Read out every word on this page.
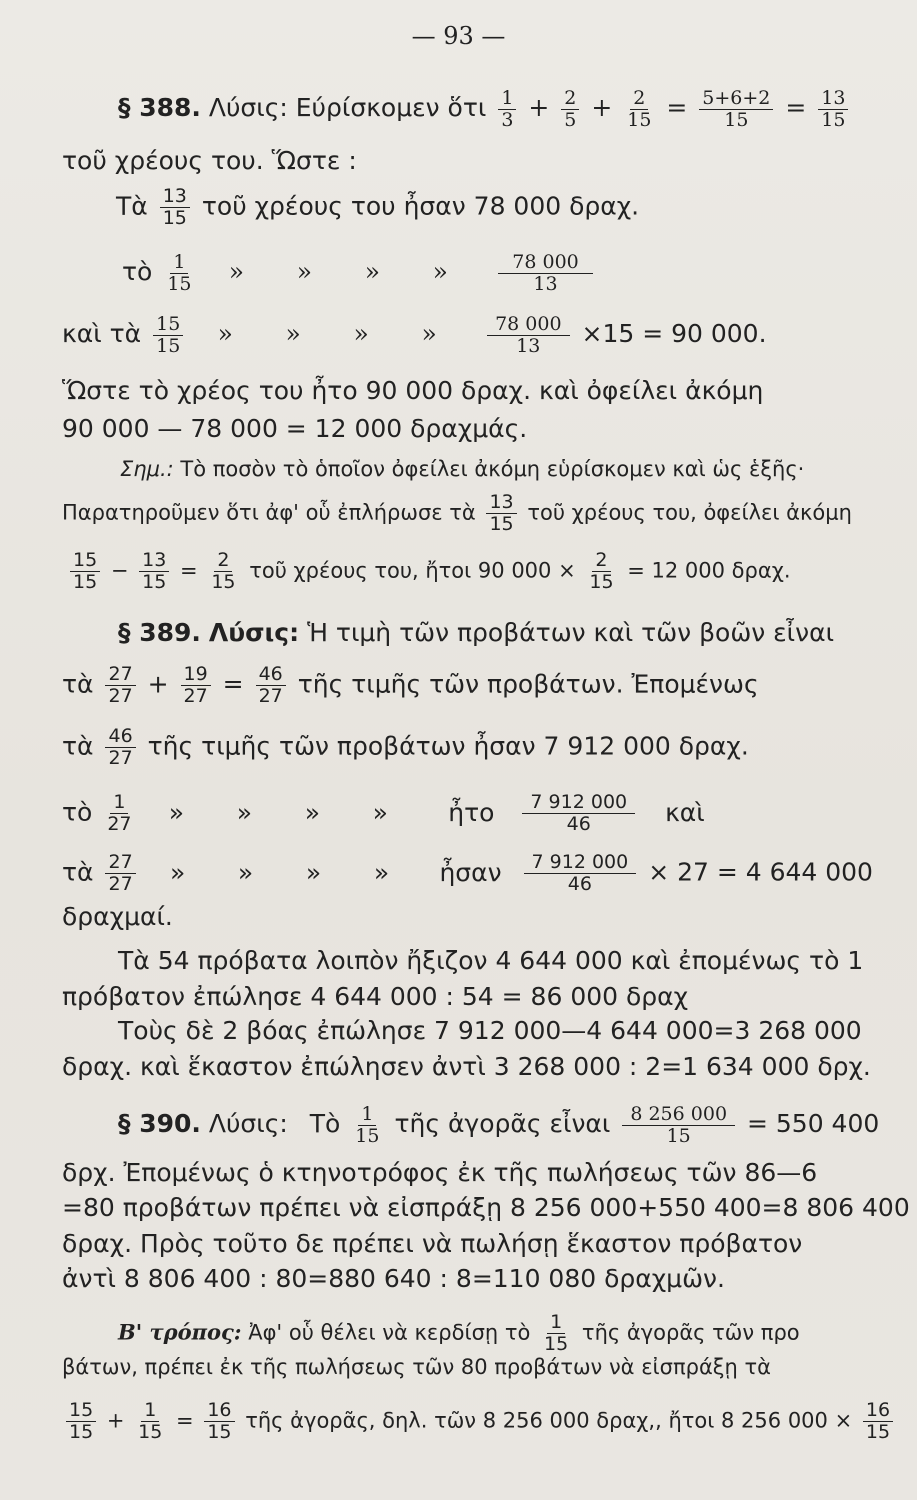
— 93 —
§ 388. Λύσις: Εύρίσκομεν ὅτι $\frac{1}{3} + \frac{2}{5} + \frac{2}{15} = \frac{5+6+2}{15} = \frac{13}{15}$
τοῦ χρέους του. Ὥστε :
Τὰ $\frac{13}{15}$ τοῦ χρέους του ἦσαν 78 000 δραχ.
τὸ $\frac{1}{15}$ » » » »	$\frac{78 000}{13}$
καὶ τὰ $\frac{15}{15}$ » » » »	$\frac{78 000}{13} \times 15 = 90$ 000.
Ὥστε τὸ χρέος του ἦτο 90 000 δραχ. καὶ ὀφείλει ἀκόμη
90 000 — 78 000 = 12 000 δραχμάς.
Σημ.: Τὸ ποσὸν τὸ ὁποῖον ὀφείλει ἀκόμη εὑρίσκομεν καὶ ὡς ἑξῆς·
Παρατηροῦμεν ὅτι ἀφ' οὗ ἐπλήρωσε τὰ $\frac{13}{15}$ τοῦ χρέους του, ὀφείλει ἀκόμη
$\frac{15}{15} - \frac{13}{15} = \frac{2}{15}$ τοῦ χρέους του, ἤτοι 90 $000 \times \frac{2}{15} = 12$ 000 δραχ.
§ 389. Λύσις: Ἡ τιμὴ τῶν προβάτων καὶ τῶν βοῶν εἶναι
τὰ $\frac{27}{27} + \frac{19}{27} = \frac{46}{27}$ τῆς τιμῆς τῶν προβάτων. Ἐπομένως
τὰ $\frac{46}{27}$ τῆς τιμῆς τῶν προβάτων ἦσαν 7 912 000 δραχ.
τὸ $\frac{1}{27}$ » » » » ἦτο $\frac{7 912 000}{46}$ καὶ
τὰ $\frac{27}{27}$ » » » » ἦσαν $\frac{7 912 000}{46} \times 27 = 4$ 644 000
δραχμαί.
Τὰ 54 πρόβατα λοιπὸν ἤξιζον 4 644 000 καὶ ἐπομένως τὸ 1
πρόβατον ἐπώλησε 4 644 000 : 54 = 86 000 δραχ
Τοὺς δὲ 2 βόας ἐπώλησε 7 912 000—4 644 000=3 268 000
δραχ. καὶ ἕκαστον ἐπώλησεν ἀντὶ 3 268 000 : 2=1 634 000 δρχ.
§ 390. Λύσις: Τὸ $\frac{1}{15}$ τῆς ἀγορᾶς εἶναι $\frac{8 256 000}{15} = 550$ 400
δρχ. Ἐπομένως ὁ κτηνοτρόφος ἐκ τῆς πωλήσεως τῶν 86—6
=80 προβάτων πρέπει νὰ εἰσπράξῃ 8 256 000+550 400=8 806 400
δραχ. Πρὸς τοῦτο δε πρέπει νὰ πωλήσῃ ἕκαστον πρόβατον
ἀντὶ 8 806 400 : 80=880 640 : 8=110 080 δραχμῶν.
Β' τρόπος: Ἀφ' οὗ θέλει νὰ κερδίσῃ τὸ $\frac{1}{15}$ τῆς ἀγορᾶς τῶν προ
βάτων, πρέπει ἐκ τῆς πωλήσεως τῶν 80 προβάτων νὰ εἰσπράξῃ τὰ
$\frac{15}{15} + \frac{1}{15} = \frac{16}{15}$ τῆς ἀγορᾶς, δηλ. τῶν 8 256 000 δραχ,, ἤτοι 8 256 $000 \times \frac{16}{15}$
